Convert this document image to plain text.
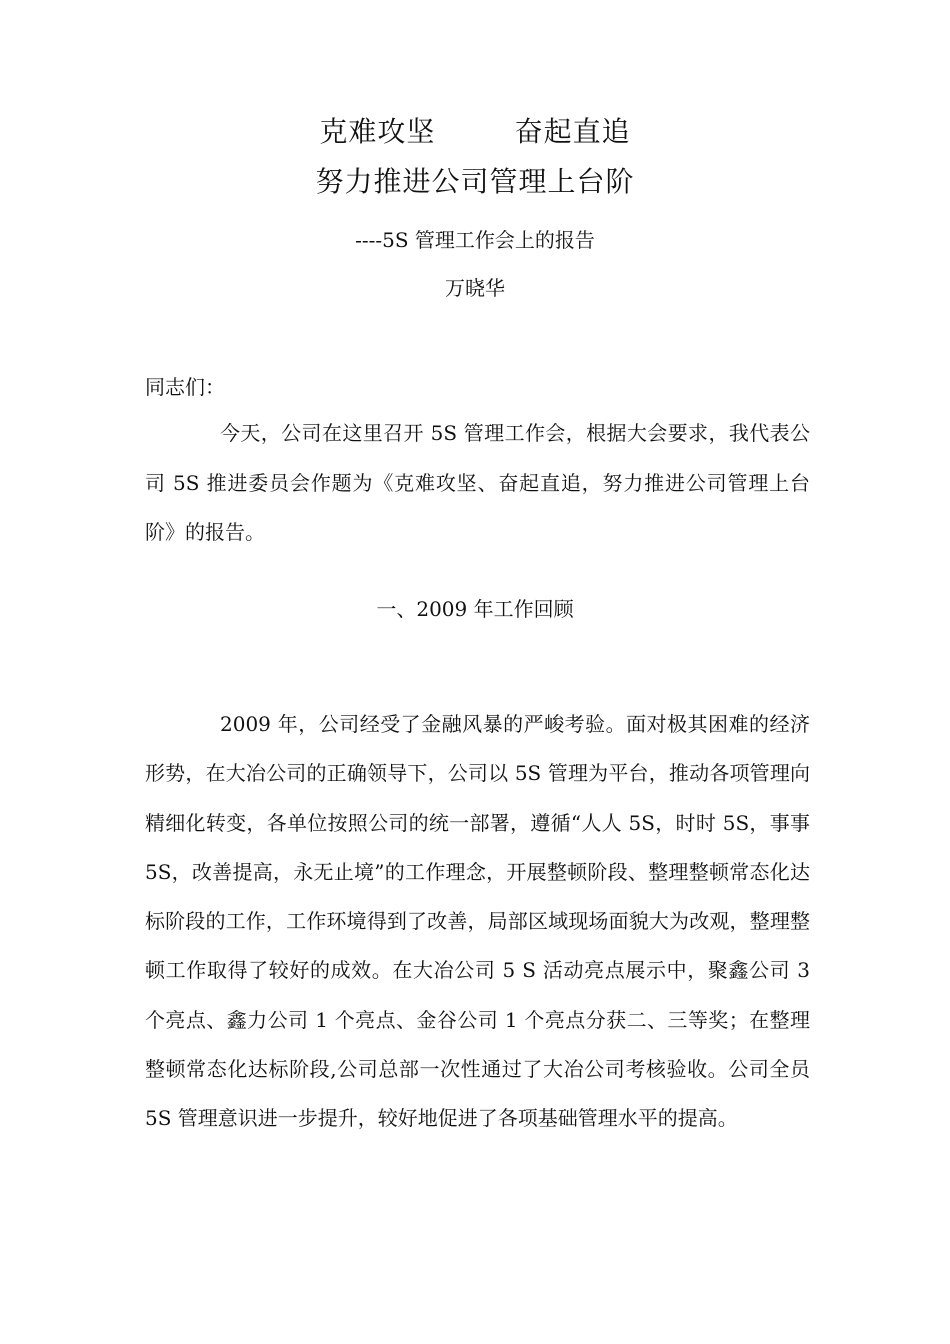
克难攻坚        奋起直追
努力推进公司管理上台阶
----5S 管理工作会上的报告
万晓华
同志们：
今天，公司在这里召开 5S 管理工作会，根据大会要求，我代表公司 5S 推进委员会作题为《克难攻坚、奋起直追，努力推进公司管理上台阶》的报告。
一、2009 年工作回顾
2009 年，公司经受了金融风暴的严峻考验。面对极其困难的经济形势，在大冶公司的正确领导下，公司以 5S 管理为平台，推动各项管理向精细化转变，各单位按照公司的统一部署，遵循“人人 5S，时时 5S，事事 5S，改善提高，永无止境”的工作理念，开展整顿阶段、整理整顿常态化达标阶段的工作，工作环境得到了改善，局部区域现场面貌大为改观，整理整顿工作取得了较好的成效。在大冶公司 5 S 活动亮点展示中，聚鑫公司 3 个亮点、鑫力公司 1 个亮点、金谷公司 1 个亮点分获二、三等奖；在整理整顿常态化达标阶段,公司总部一次性通过了大冶公司考核验收。公司全员 5S 管理意识进一步提升，较好地促进了各项基础管理水平的提高。
